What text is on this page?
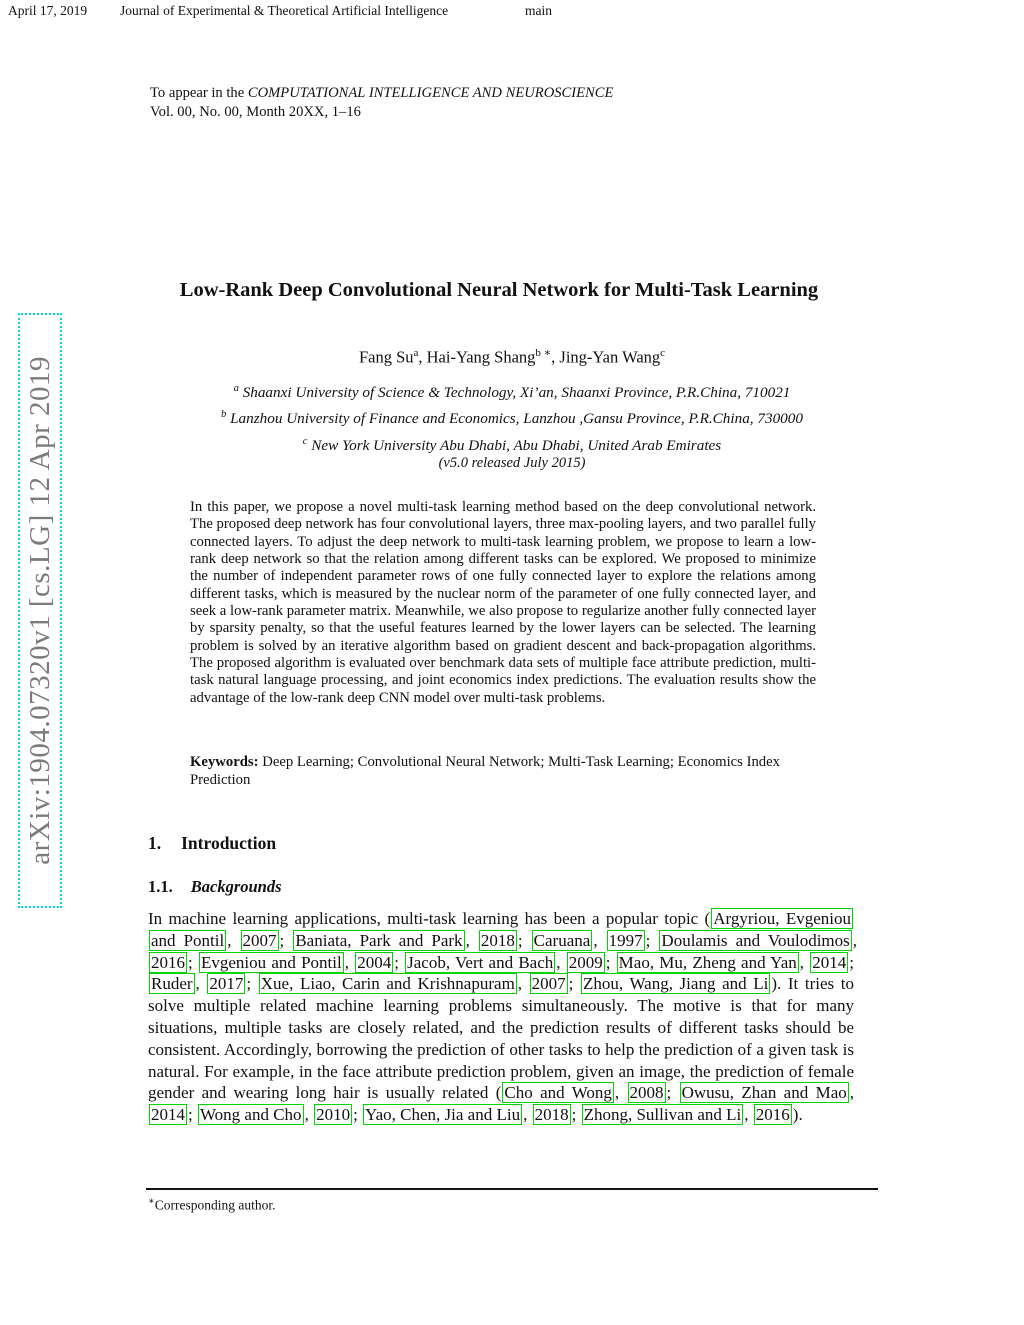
April 17, 2019 Journal of Experimental & Theoretical Artificial Intelligence	main
To appear in the COMPUTATIONAL INTELLIGENCE AND NEUROSCIENCE
Vol. 00, No. 00, Month 20XX, 1–16
arXiv:1904.07320v1 [cs.LG] 12 Apr 2019
Low-Rank Deep Convolutional Neural Network for Multi-Task Learning
Fang Su$^a$, Hai-Yang Shang$^{b ∗}$, Jing-Yan Wang$^c$
$^a$ Shaanxi University of Science & Technology, Xi’an, Shaanxi Province, P.R.China, 710021
$^b$ Lanzhou University of Finance and Economics, Lanzhou ,Gansu Province, P.R.China, 730000
$^c$ New York University Abu Dhabi, Abu Dhabi, United Arab Emirates
(v5.0 released July 2015)
In this paper, we propose a novel multi-task learning method based on the deep convolutional network. The proposed deep network has four convolutional layers, three max-pooling layers, and two parallel fully connected layers. To adjust the deep network to multi-task learning problem, we propose to learn a low-rank deep network so that the relation among different tasks can be explored. We proposed to minimize the number of independent parameter rows of one fully connected layer to explore the relations among different tasks, which is measured by the nuclear norm of the parameter of one fully connected layer, and seek a low-rank parameter matrix. Meanwhile, we also propose to regularize another fully connected layer by sparsity penalty, so that the useful features learned by the lower layers can be selected. The learning problem is solved by an iterative algorithm based on gradient descent and back-propagation algorithms. The proposed algorithm is evaluated over benchmark data sets of multiple face attribute prediction, multi-task natural language processing, and joint economics index predictions. The evaluation results show the advantage of the low-rank deep CNN model over multi-task problems.
Keywords: Deep Learning; Convolutional Neural Network; Multi-Task Learning; Economics Index Prediction
1. Introduction
1.1. Backgrounds

In machine learning applications, multi-task learning has been a popular topic ( Argyriou, Evgeniou and Pontil , 2007 ; Baniata, Park and Park , 2018 ; Caruana , 1997 ; Doulamis and Voulodimos , 2016 ; Evgeniou and Pontil , 2004 ; Jacob, Vert and Bach , 2009 ; Mao, Mu, Zheng and Yan , 2014 ; Ruder , 2017 ; Xue, Liao, Carin and Krishnapuram , 2007 ; Zhou, Wang, Jiang and Li ). It tries to solve multiple related machine learning problems simultaneously. The motive is that for many situations, multiple tasks are closely related, and the prediction results of different tasks should be consistent. Accordingly, borrowing the prediction of other tasks to help the prediction of a given task is natural. For example, in the face attribute prediction problem, given an image, the prediction of female gender and wearing long hair is usually related ( Cho and Wong , 2008 ; Owusu, Zhan and Mao , 2014 ; Wong and Cho , 2010 ; Yao, Chen, Jia and Liu , 2018 ; Zhong, Sullivan and Li , 2016 ).

∗Corresponding author.
